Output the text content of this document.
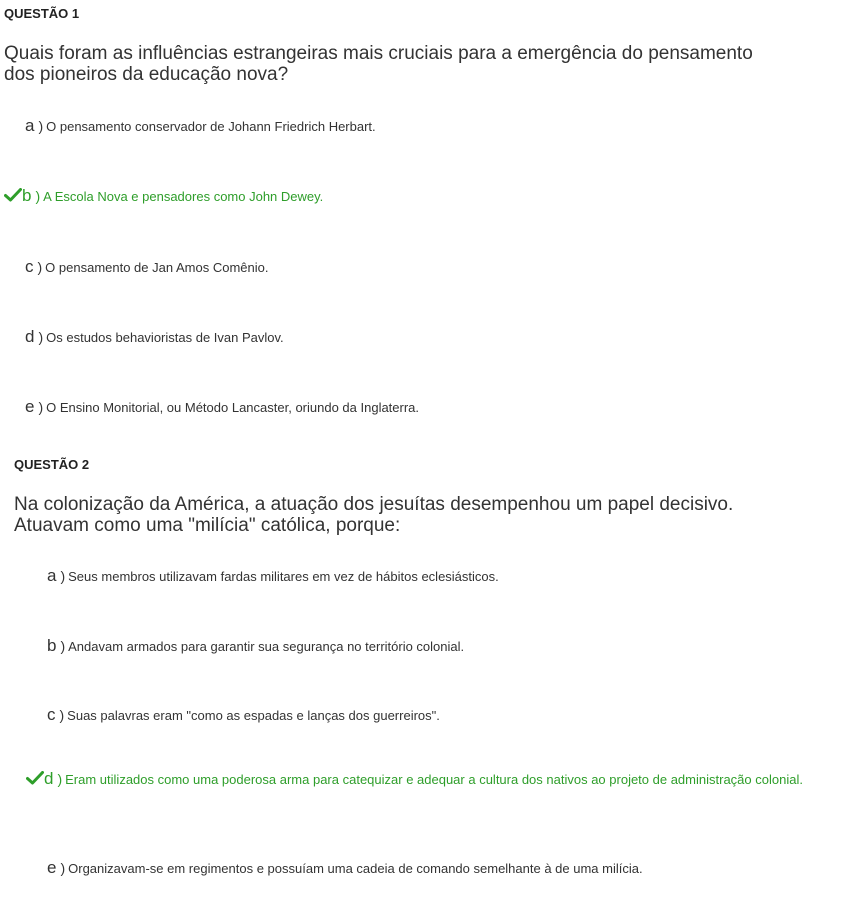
QUESTÃO 1
Quais foram as influências estrangeiras mais cruciais para a emergência do pensamento
dos pioneiros da educação nova?
a ) O pensamento conservador de Johann Friedrich Herbart.
b ) A Escola Nova e pensadores como John Dewey.
c ) O pensamento de Jan Amos Comênio.
d ) Os estudos behavioristas de Ivan Pavlov.
e ) O Ensino Monitorial, ou Método Lancaster, oriundo da Inglaterra.
QUESTÃO 2
Na colonização da América, a atuação dos jesuítas desempenhou um papel decisivo.
Atuavam como uma "milícia" católica, porque:
a ) Seus membros utilizavam fardas militares em vez de hábitos eclesiásticos.
b ) Andavam armados para garantir sua segurança no território colonial.
c ) Suas palavras eram "como as espadas e lanças dos guerreiros".
d ) Eram utilizados como uma poderosa arma para catequizar e adequar a cultura dos nativos ao projeto de administração colonial.
e ) Organizavam-se em regimentos e possuíam uma cadeia de comando semelhante à de uma milícia.
